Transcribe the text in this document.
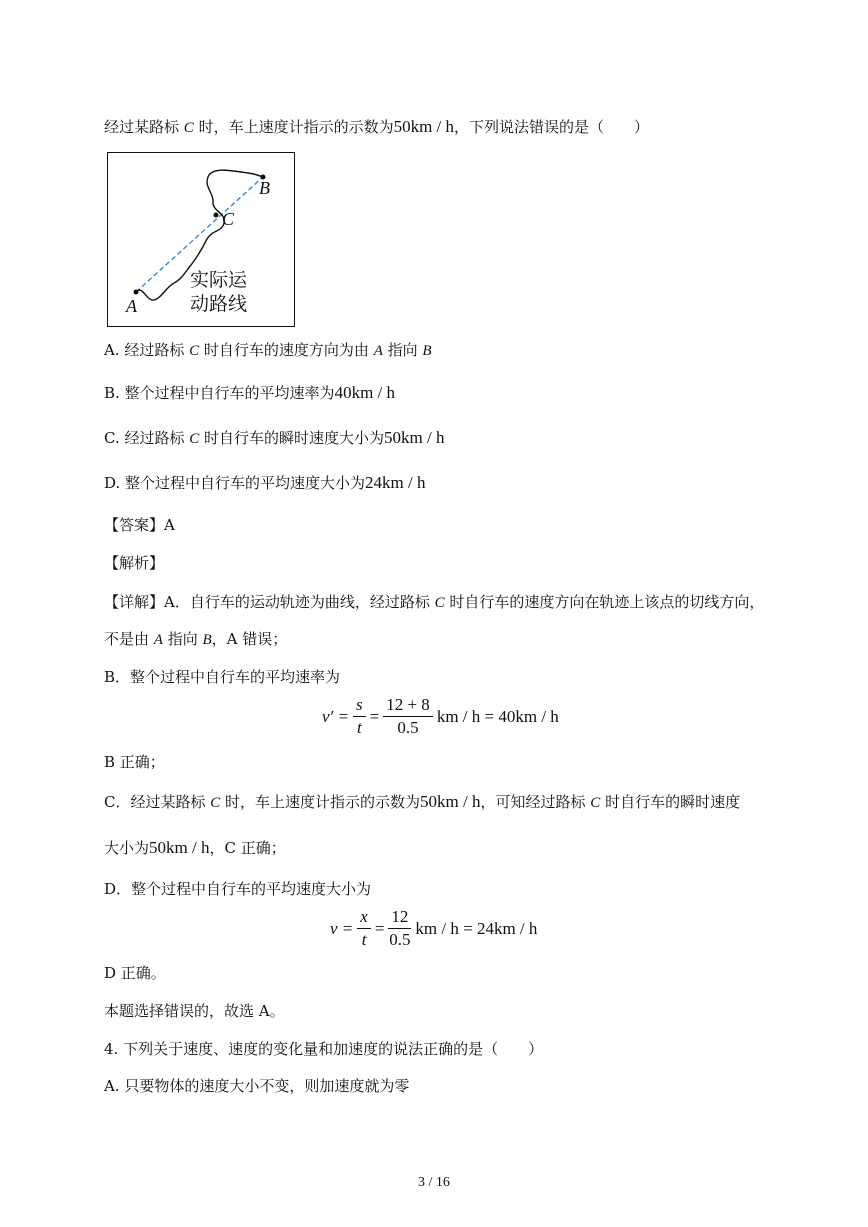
经过某路标 C 时，车上速度计指示的示数为50km / h，下列说法错误的是（　　）
A
B
C
实际运
动路线
A. 经过路标 C 时自行车的速度方向为由 A 指向 B
B. 整个过程中自行车的平均速率为40km / h
C. 经过路标 C 时自行车的瞬时速度大小为50km / h
D. 整个过程中自行车的平均速度大小为24km / h
【答案】A
【解析】
【详解】A．自行车的运动轨迹为曲线，经过路标 C 时自行车的速度方向在轨迹上该点的切线方向，
不是由 A 指向 B，A 错误；
B．整个过程中自行车的平均速率为
$v' = \frac{s}{t} = \frac{12 + 8}{0.5}$ km / h = 40km / h
B 正确；
C．经过某路标 C 时，车上速度计指示的示数为50km / h，可知经过路标 C 时自行车的瞬时速度
大小为50km / h，C 正确；
D．整个过程中自行车的平均速度大小为
$v = \frac{x}{t} = \frac{12}{0.5}$ km / h = 24km / h
D 正确。
本题选择错误的，故选 A。
4. 下列关于速度、速度的变化量和加速度的说法正确的是（　　）
A. 只要物体的速度大小不变，则加速度就为零
3 / 16
